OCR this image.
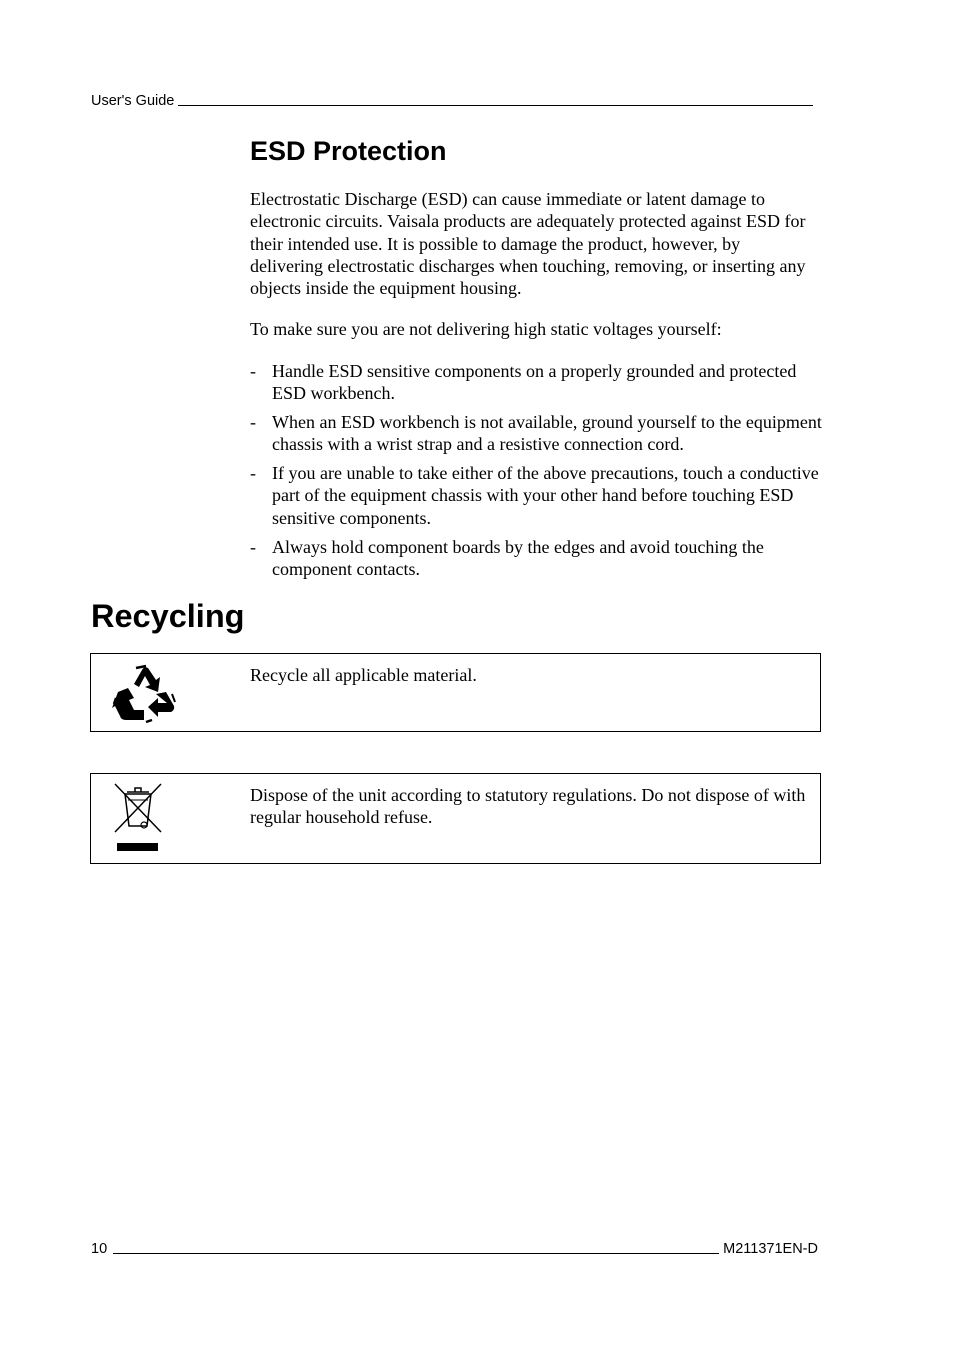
User's Guide
ESD Protection

Electrostatic Discharge (ESD) can cause immediate or latent damage to electronic circuits. Vaisala products are adequately protected against ESD for their intended use. It is possible to damage the product, however, by delivering electrostatic discharges when touching, removing, or inserting any objects inside the equipment housing.

To make sure you are not delivering high static voltages yourself:

- Handle ESD sensitive components on a properly grounded and protected ESD workbench.
- When an ESD workbench is not available, ground yourself to the equipment chassis with a wrist strap and a resistive connection cord.
- If you are unable to take either of the above precautions, touch a conductive part of the equipment chassis with your other hand before touching ESD sensitive components.
- Always hold component boards by the edges and avoid touching the component contacts.
Recycling

Recycle all applicable material.

Dispose of the unit according to statutory regulations. Do not dispose of with regular household refuse.

10	M211371EN-D
